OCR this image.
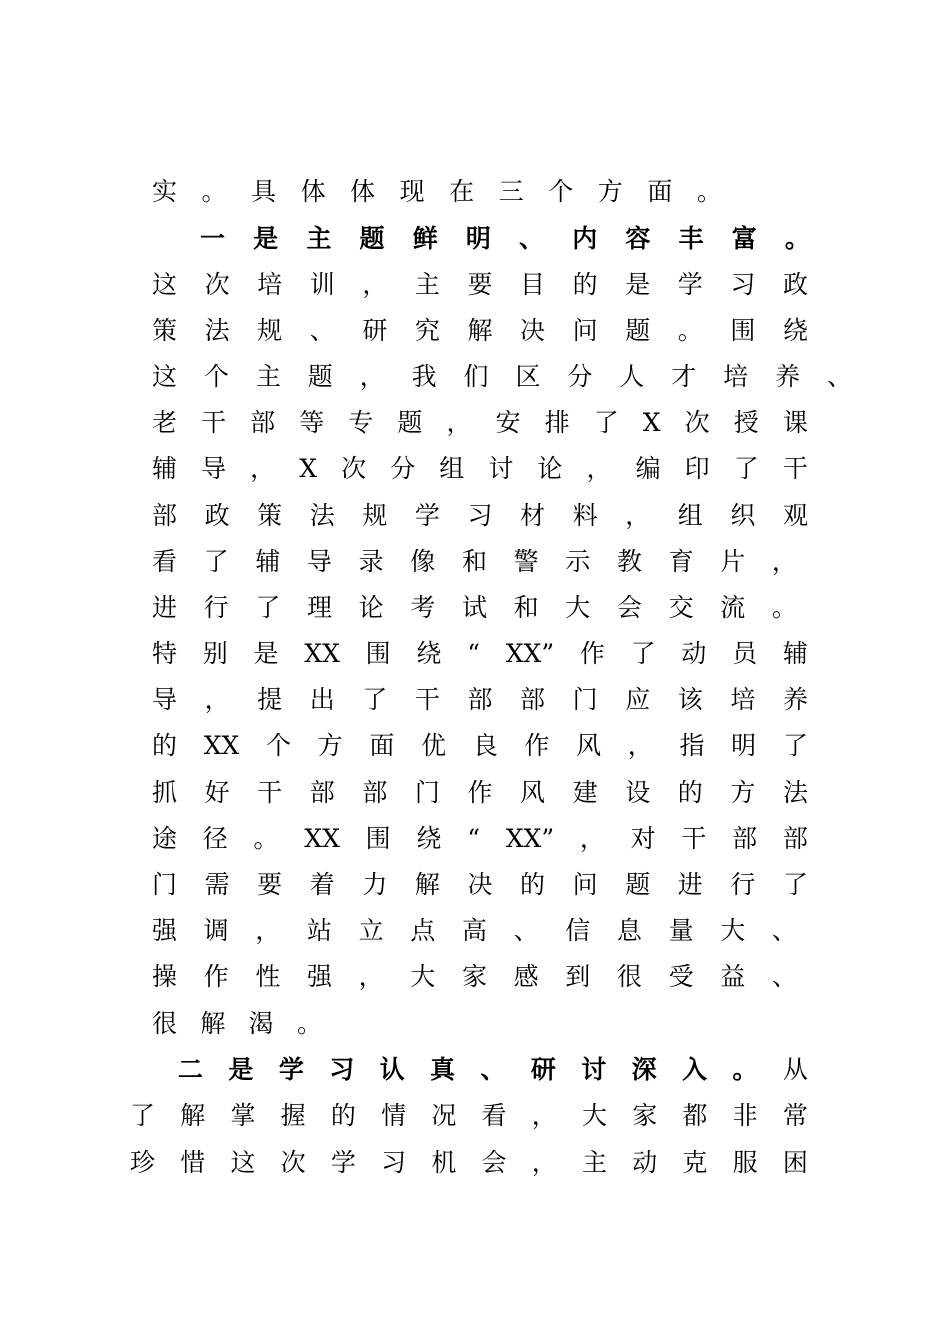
实 。 具 体 体 现 在 三 个 方 面 。
一 是 主 题 鲜 明 、 内 容 丰 富 。
这 次 培 训 ， 主 要 目 的 是 学 习 政
策 法 规 、 研 究 解 决 问 题 。 围 绕
这 个 主 题 ， 我 们 区 分 人 才 培 养 、
老 干 部 等 专 题 ， 安 排 了 X 次 授 课
辅 导 ， X 次 分 组 讨 论 ， 编 印 了 干
部 政 策 法 规 学 习 材 料 ， 组 织 观
看 了 辅 导 录 像 和 警 示 教 育 片 ，
进 行 了 理 论 考 试 和 大 会 交 流 。
特 别 是 XX 围 绕 “ XX” 作 了 动 员 辅
导 ， 提 出 了 干 部 部 门 应 该 培 养
的 XX 个 方 面 优 良 作 风 ， 指 明 了
抓 好 干 部 部 门 作 风 建 设 的 方 法
途 径 。 XX 围 绕 “ XX” ， 对 干 部 部
门 需 要 着 力 解 决 的 问 题 进 行 了
强 调 ， 站 立 点 高 、 信 息 量 大 、
操 作 性 强 ， 大 家 感 到 很 受 益 、
很 解 渴 。
二 是 学 习 认 真 、 研 讨 深 入 。 从
了 解 掌 握 的 情 况 看 ， 大 家 都 非 常
珍 惜 这 次 学 习 机 会 ， 主 动 克 服 困
